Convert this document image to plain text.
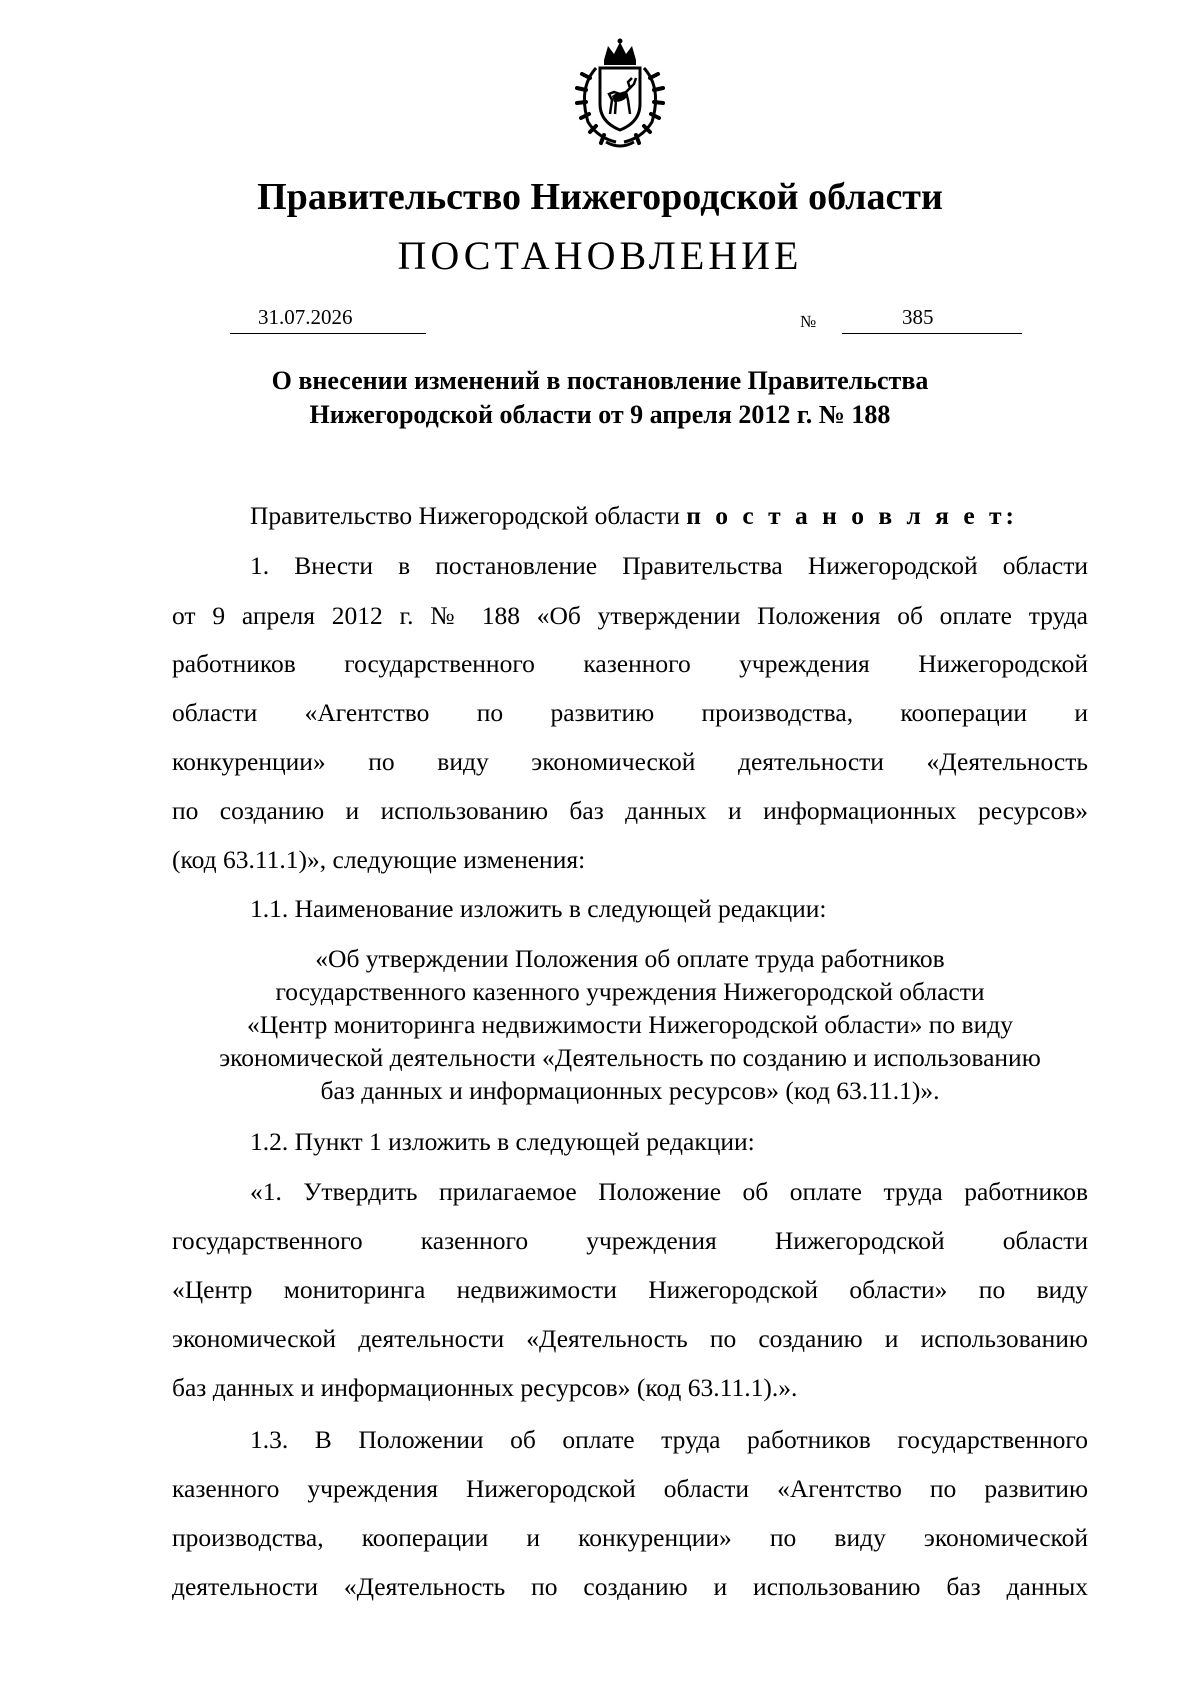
Правительство Нижегородской области
ПОСТАНОВЛЕНИЕ
31.07.2026	№	385
О внесении изменений в постановление Правительства
Нижегородской области от 9 апреля 2012 г. № 188
Правительство Нижегородской области п о с т а н о в л я е т:
1. Внести в постановление Правительства Нижегородской области
от 9 апреля 2012 г. № 188 «Об утверждении Положения об оплате труда
работников государственного казенного учреждения Нижегородской
области «Агентство по развитию производства, кооперации и
конкуренции» по виду экономической деятельности «Деятельность
по созданию и использованию баз данных и информационных ресурсов»
(код 63.11.1)», следующие изменения:
1.1. Наименование изложить в следующей редакции:
«Об утверждении Положения об оплате труда работников
государственного казенного учреждения Нижегородской области
«Центр мониторинга недвижимости Нижегородской области» по виду
экономической деятельности «Деятельность по созданию и использованию
баз данных и информационных ресурсов» (код 63.11.1)».
1.2. Пункт 1 изложить в следующей редакции:
«1. Утвердить прилагаемое Положение об оплате труда работников
государственного казенного учреждения Нижегородской области
«Центр мониторинга недвижимости Нижегородской области» по виду
экономической деятельности «Деятельность по созданию и использованию
баз данных и информационных ресурсов» (код 63.11.1).».
1.3. В Положении об оплате труда работников государственного
казенного учреждения Нижегородской области «Агентство по развитию
производства, кооперации и конкуренции» по виду экономической
деятельности «Деятельность по созданию и использованию баз данных
